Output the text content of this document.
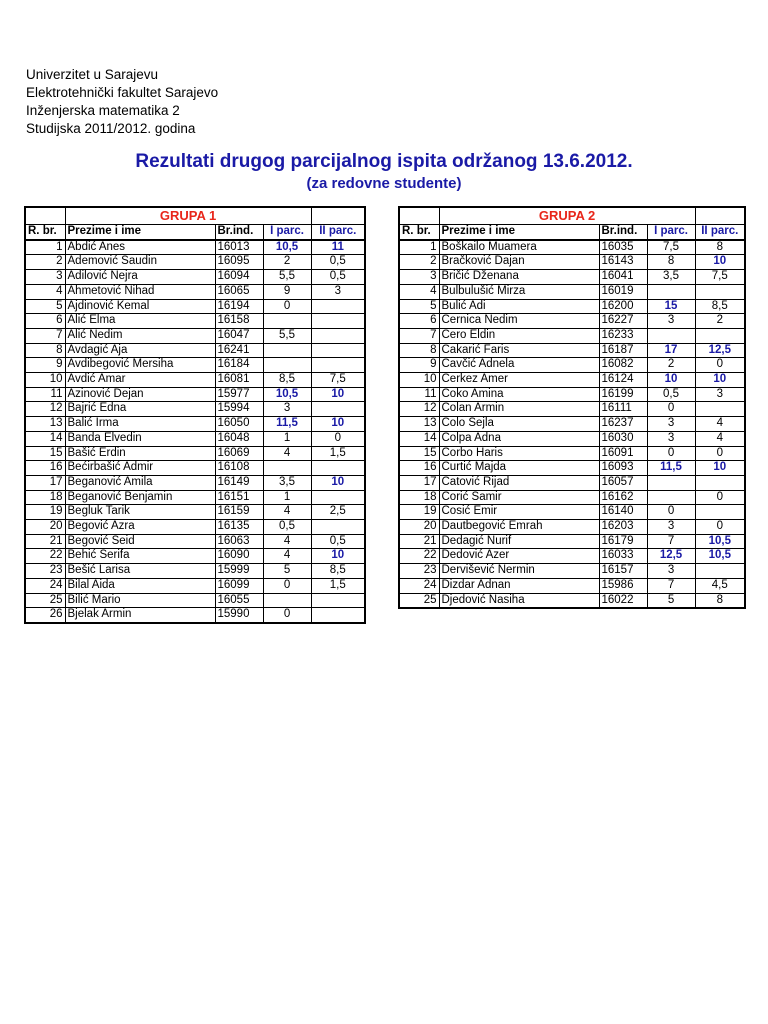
Univerzitet u Sarajevu
Elektrotehnički fakultet Sarajevo
Inženjerska matematika 2
Studijska 2011/2012. godina
Rezultati drugog parcijalnog ispita održanog 13.6.2012.
(za redovne studente)
	GRUPA 1			
R. br.	Prezime i ime	Br.ind.	I parc.	II parc.
1	Abdić Anes	16013	10,5	11
2	Ademović Saudin	16095	2	0,5
3	Adilović Nejra	16094	5,5	0,5
4	Ahmetović Nihad	16065	9	3
5	Ajdinović Kemal	16194	0	
6	Alić Elma	16158		
7	Alić Nedim	16047	5,5	
8	Avdagić Aja	16241		
9	Avdibegović Mersiha	16184		
10	Avdić Amar	16081	8,5	7,5
11	Azinović Dejan	15977	10,5	10
12	Bajrić Edna	15994	3	
13	Balić Irma	16050	11,5	10
14	Banda Elvedin	16048	1	0
15	Bašić Erdin	16069	4	1,5
16	Bećirbašić Admir	16108		
17	Beganović Amila	16149	3,5	10
18	Beganović Benjamin	16151	1	
19	Begluk Tarik	16159	4	2,5
20	Begović Azra	16135	0,5	
21	Begović Seid	16063	4	0,5
22	Behić Šerifa	16090	4	10
23	Bešić Larisa	15999	5	8,5
24	Bilal Aida	16099	0	1,5
25	Bilić Mario	16055		
26	Bjelak Armin	15990	0	
	GRUPA 2			
R. br.	Prezime i ime	Br.ind.	I parc.	II parc.
1	Boškailo Muamera	16035	7,5	8
2	Bračković Dajan	16143	8	10
3	Bričić Dženana	16041	3,5	7,5
4	Bulbulušić Mirza	16019		
5	Bulić Adi	16200	15	8,5
6	Cernica Nedim	16227	3	2
7	Cero Eldin	16233		
8	Cakarić Faris	16187	17	12,5
9	Cavčić Adnela	16082	2	0
10	Cerkez Amer	16124	10	10
11	Coko Amina	16199	0,5	3
12	Colan Armin	16111	0	
13	Colo Sejla	16237	3	4
14	Colpa Adna	16030	3	4
15	Corbo Haris	16091	0	0
16	Curtić Majda	16093	11,5	10
17	Catović Rijad	16057		
18	Corić Samir	16162		0
19	Cosić Emir	16140	0	
20	Dautbegović Emrah	16203	3	0
21	Dedagić Nurif	16179	7	10,5
22	Dedović Azer	16033	12,5	10,5
23	Dervišević Nermin	16157	3	
24	Dizdar Adnan	15986	7	4,5
25	Djedović Nasiha	16022	5	8
